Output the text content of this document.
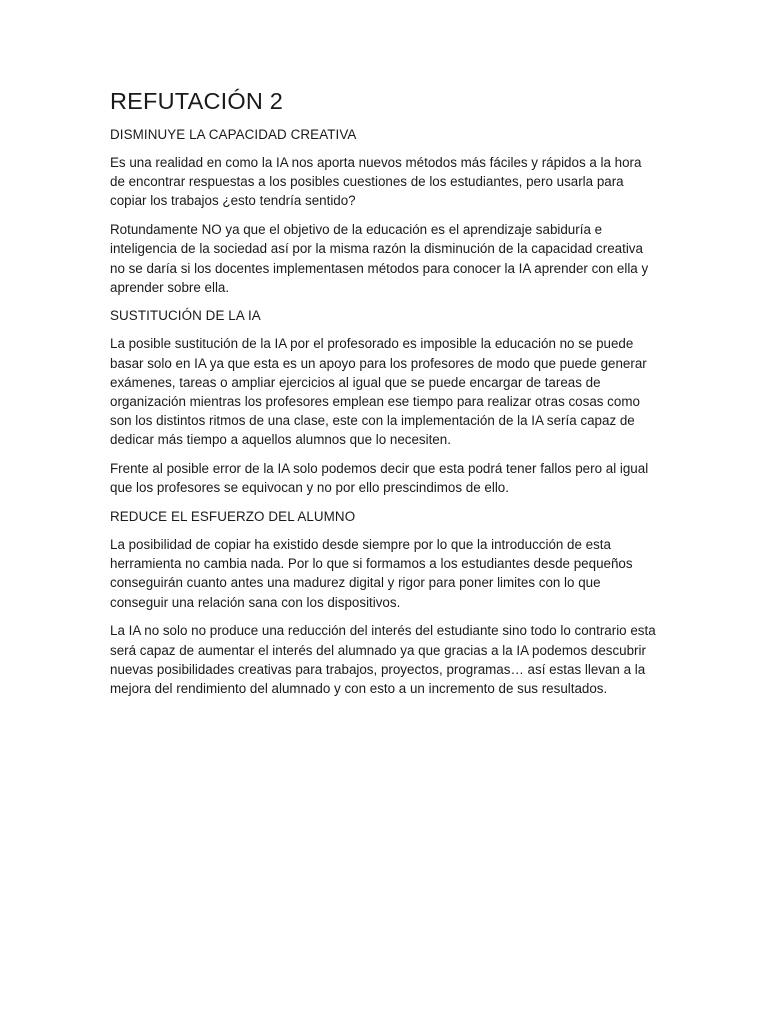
REFUTACIÓN 2

DISMINUYE LA CAPACIDAD CREATIVA

Es una realidad en como la IA nos aporta nuevos métodos más fáciles y rápidos a la hora de encontrar respuestas a los posibles cuestiones de los estudiantes, pero usarla para copiar los trabajos ¿esto tendría sentido?

Rotundamente NO ya que el objetivo de la educación es el aprendizaje sabiduría e inteligencia de la sociedad así por la misma razón la disminución de la capacidad creativa no se daría si los docentes implementasen métodos para conocer la IA aprender con ella y aprender sobre ella.

SUSTITUCIÓN DE LA IA

La posible sustitución de la IA por el profesorado es imposible la educación no se puede basar solo en IA ya que esta es un apoyo para los profesores de modo que puede generar exámenes, tareas o ampliar ejercicios al igual que se puede encargar de tareas de organización mientras los profesores emplean ese tiempo para realizar otras cosas como son los distintos ritmos de una clase, este con la implementación de la IA sería capaz de dedicar más tiempo a aquellos alumnos que lo necesiten.

Frente al posible error de la IA solo podemos decir que esta podrá tener fallos pero al igual que los profesores se equivocan y no por ello prescindimos de ello.

REDUCE EL ESFUERZO DEL ALUMNO

La posibilidad de copiar ha existido desde siempre por lo que la introducción de esta herramienta no cambia nada. Por lo que si formamos a los estudiantes desde pequeños conseguirán cuanto antes una madurez digital y rigor para poner limites con lo que conseguir una relación sana con los dispositivos.

La IA no solo no produce una reducción del interés del estudiante sino todo lo contrario esta será capaz de aumentar el interés del alumnado ya que gracias a la IA podemos descubrir nuevas posibilidades creativas para trabajos, proyectos, programas… así estas llevan a la mejora del rendimiento del alumnado y con esto a un incremento de sus resultados.
